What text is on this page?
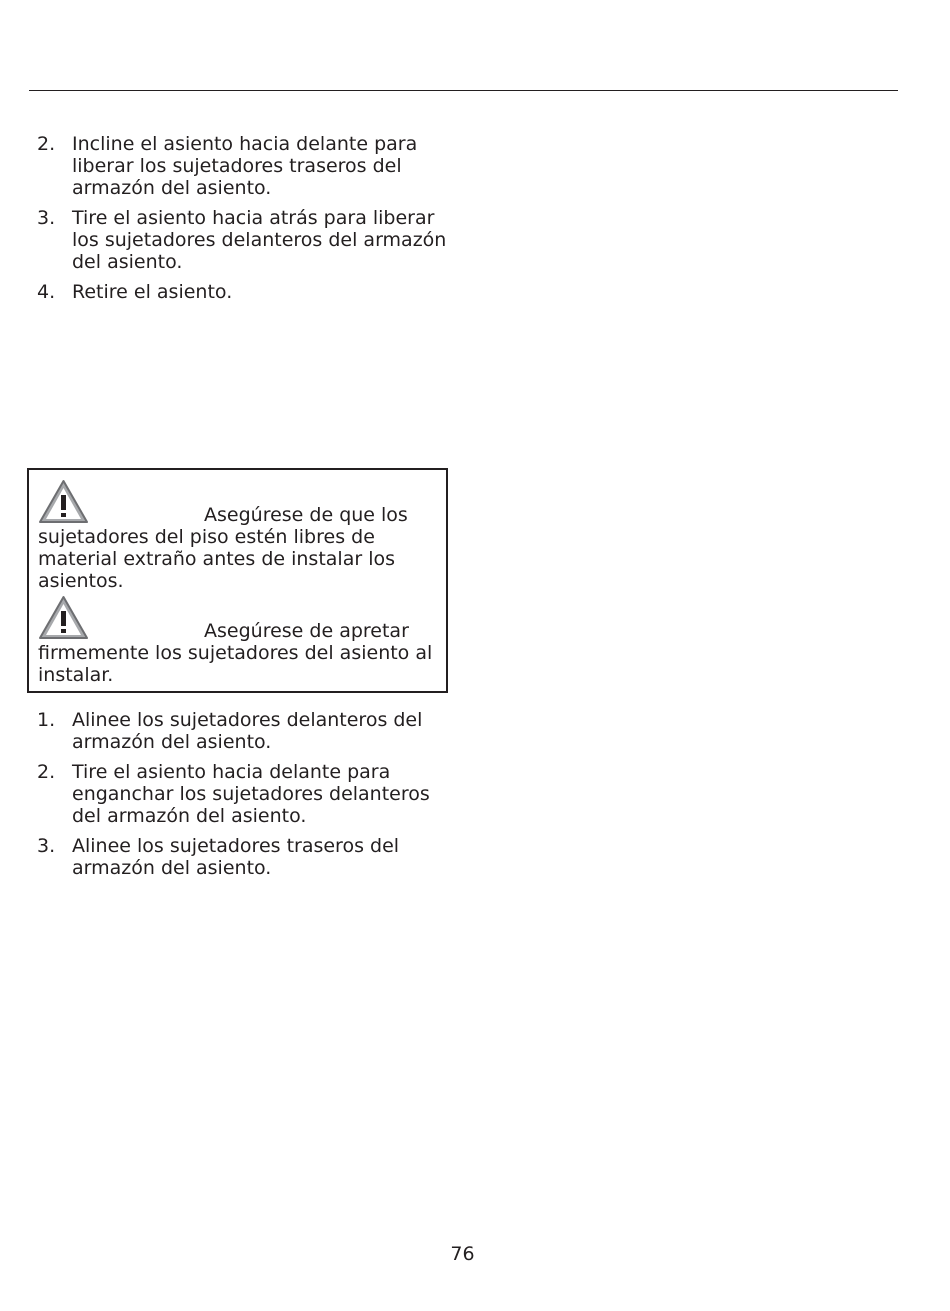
2. Incline el asiento hacia delante para liberar los sujetadores traseros del armazón del asiento.
3. Tire el asiento hacia atrás para liberar los sujetadores delanteros del armazón del asiento.
4. Retire el asiento.
Asegúrese de que los
sujetadores del piso estén libres de material extraño antes de instalar los asientos.
Asegúrese de apretar
firmemente los sujetadores del asiento al instalar.
1. Alinee los sujetadores delanteros del armazón del asiento.
2. Tire el asiento hacia delante para enganchar los sujetadores delanteros del armazón del asiento.
3. Alinee los sujetadores traseros del armazón del asiento.
76
